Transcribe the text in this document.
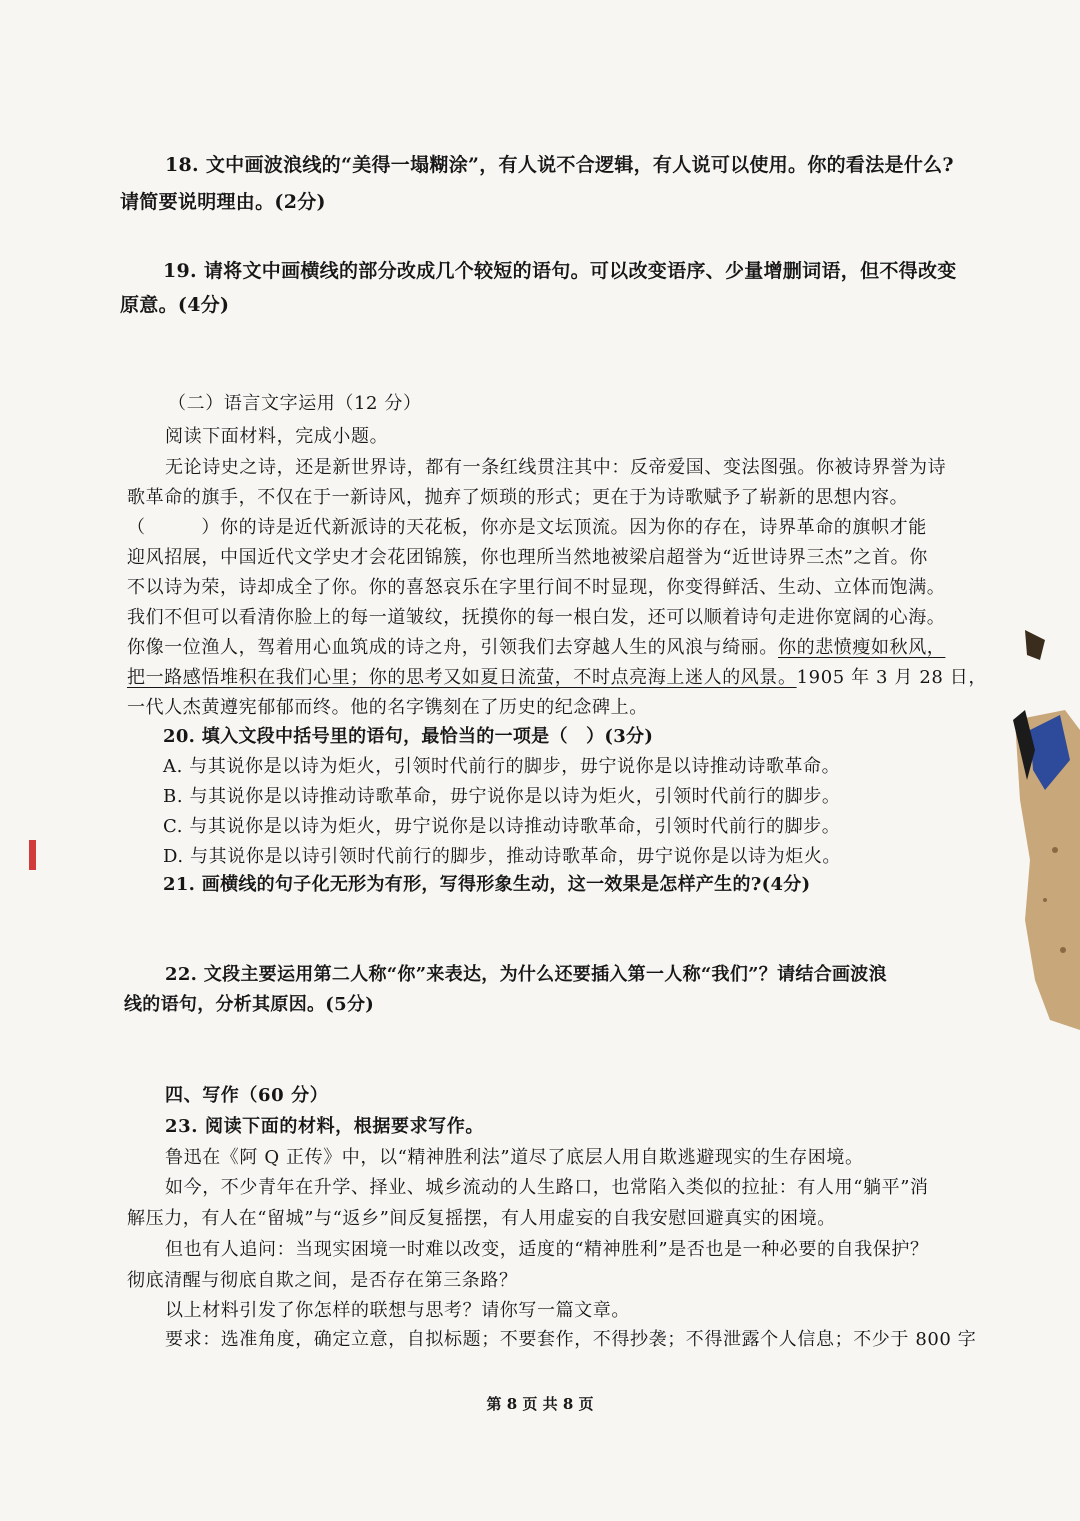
18. 文中画波浪线的“美得一塌糊涂”，有人说不合逻辑，有人说可以使用。你的看法是什么?
请简要说明理由。(2分)
19. 请将文中画横线的部分改成几个较短的语句。可以改变语序、少量增删词语，但不得改变
原意。(4分)
（二）语言文字运用（12 分）
阅读下面材料，完成小题。
无论诗史之诗，还是新世界诗，都有一条红线贯注其中：反帝爱国、变法图强。你被诗界誉为诗
歌革命的旗手，不仅在于一新诗风，抛弃了烦琐的形式；更在于为诗歌赋予了崭新的思想内容。
（　　　）你的诗是近代新派诗的天花板，你亦是文坛顶流。因为你的存在，诗界革命的旗帜才能
迎风招展，中国近代文学史才会花团锦簇，你也理所当然地被梁启超誉为“近世诗界三杰”之首。你
不以诗为荣，诗却成全了你。你的喜怒哀乐在字里行间不时显现，你变得鲜活、生动、立体而饱满。
我们不但可以看清你脸上的每一道皱纹，抚摸你的每一根白发，还可以顺着诗句走进你宽阔的心海。
你像一位渔人，驾着用心血筑成的诗之舟，引领我们去穿越人生的风浪与绮丽。你的悲愤瘦如秋风，
把一路感悟堆积在我们心里；你的思考又如夏日流萤，不时点亮海上迷人的风景。1905 年 3 月 28 日，
一代人杰黄遵宪郁郁而终。他的名字镌刻在了历史的纪念碑上。
20. 填入文段中括号里的语句，最恰当的一项是（　）(3分)
A. 与其说你是以诗为炬火，引领时代前行的脚步，毋宁说你是以诗推动诗歌革命。
B. 与其说你是以诗推动诗歌革命，毋宁说你是以诗为炬火，引领时代前行的脚步。
C. 与其说你是以诗为炬火，毋宁说你是以诗推动诗歌革命，引领时代前行的脚步。
D. 与其说你是以诗引领时代前行的脚步，推动诗歌革命，毋宁说你是以诗为炬火。
21. 画横线的句子化无形为有形，写得形象生动，这一效果是怎样产生的?(4分)
22. 文段主要运用第二人称“你”来表达，为什么还要插入第一人称“我们”？请结合画波浪
线的语句，分析其原因。(5分)
四、写作（60 分）
23. 阅读下面的材料，根据要求写作。
鲁迅在《阿 Q 正传》中，以“精神胜利法”道尽了底层人用自欺逃避现实的生存困境。
如今，不少青年在升学、择业、城乡流动的人生路口，也常陷入类似的拉扯：有人用“躺平”消
解压力，有人在“留城”与“返乡”间反复摇摆，有人用虚妄的自我安慰回避真实的困境。
但也有人追问：当现实困境一时难以改变，适度的“精神胜利”是否也是一种必要的自我保护？
彻底清醒与彻底自欺之间，是否存在第三条路？
以上材料引发了你怎样的联想与思考？请你写一篇文章。
要求：选准角度，确定立意，自拟标题；不要套作，不得抄袭；不得泄露个人信息；不少于 800 字
第 8 页 共 8 页
